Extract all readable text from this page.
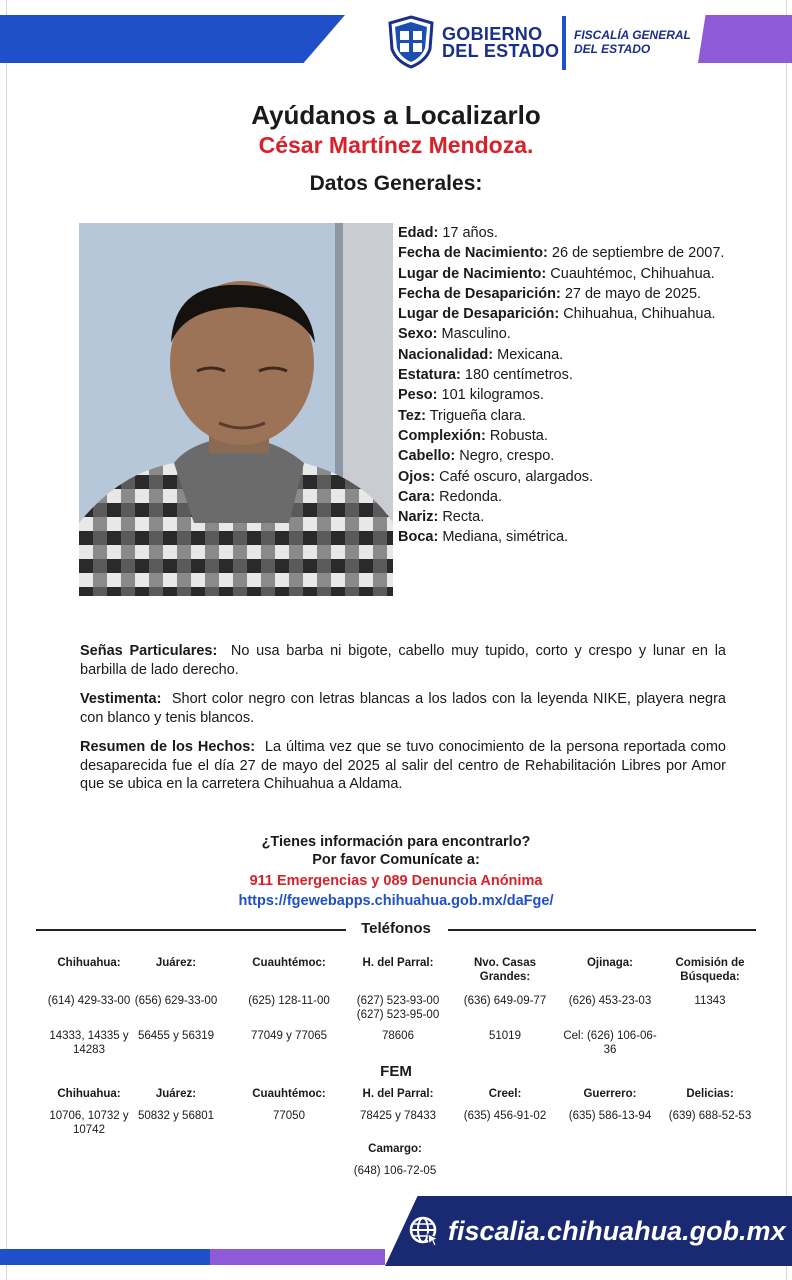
GOBIERNO
DEL ESTADO
FISCALÍA GENERAL
DEL ESTADO
Ayúdanos a Localizarlo
César Martínez Mendoza.
Datos Generales:

Edad: 17 años.

Fecha de Nacimiento: 26 de septiembre de 2007.

Lugar de Nacimiento: Cuauhtémoc, Chihuahua.

Fecha de Desaparición: 27 de mayo de 2025.

Lugar de Desaparición: Chihuahua, Chihuahua.

Sexo: Masculino.

Nacionalidad: Mexicana.

Estatura: 180 centímetros.

Peso: 101 kilogramos.

Tez: Trigueña clara.

Complexión: Robusta.

Cabello: Negro, crespo.

Ojos: Café oscuro, alargados.

Cara: Redonda.

Nariz: Recta.

Boca: Mediana, simétrica.

Señas Particulares: No usa barba ni bigote, cabello muy tupido, corto y crespo y lunar en la barbilla de lado derecho.
Vestimenta: Short color negro con letras blancas a los lados con la leyenda NIKE, playera negra con blanco y tenis blancos.
Resumen de los Hechos: La última vez que se tuvo conocimiento de la persona reportada como desaparecida fue el día 27 de mayo del 2025 al salir del centro de Rehabilitación Libres por Amor que se ubica en la carretera Chihuahua a Aldama.
¿Tienes información para encontrarlo?
Por favor Comunícate a:
911 Emergencias y 089 Denuncia Anónima
https://fgewebapps.chihuahua.gob.mx/daFge/
Teléfonos
Chihuahua:
(614) 429-33-00
14333, 14335 y 14283
Juárez:
(656) 629-33-00
56455 y 56319
Cuauhtémoc:
(625) 128-11-00
77049 y 77065
H. del Parral:
(627) 523-93-00 (627) 523-95-00
78606
Nvo. Casas Grandes:
(636) 649-09-77
51019
Ojinaga:
(626) 453-23-03
Cel: (626) 106-06-36
Comisión de Búsqueda:
11343
FEM
Chihuahua:
10706, 10732 y 10742
Juárez:
50832 y 56801
Cuauhtémoc:
77050
H. del Parral:
78425 y 78433
Creel:
(635) 456-91-02
Guerrero:
(635) 586-13-94
Delicias:
(639) 688-52-53
Camargo:
(648) 106-72-05
fiscalia.chihuahua.gob.mx
